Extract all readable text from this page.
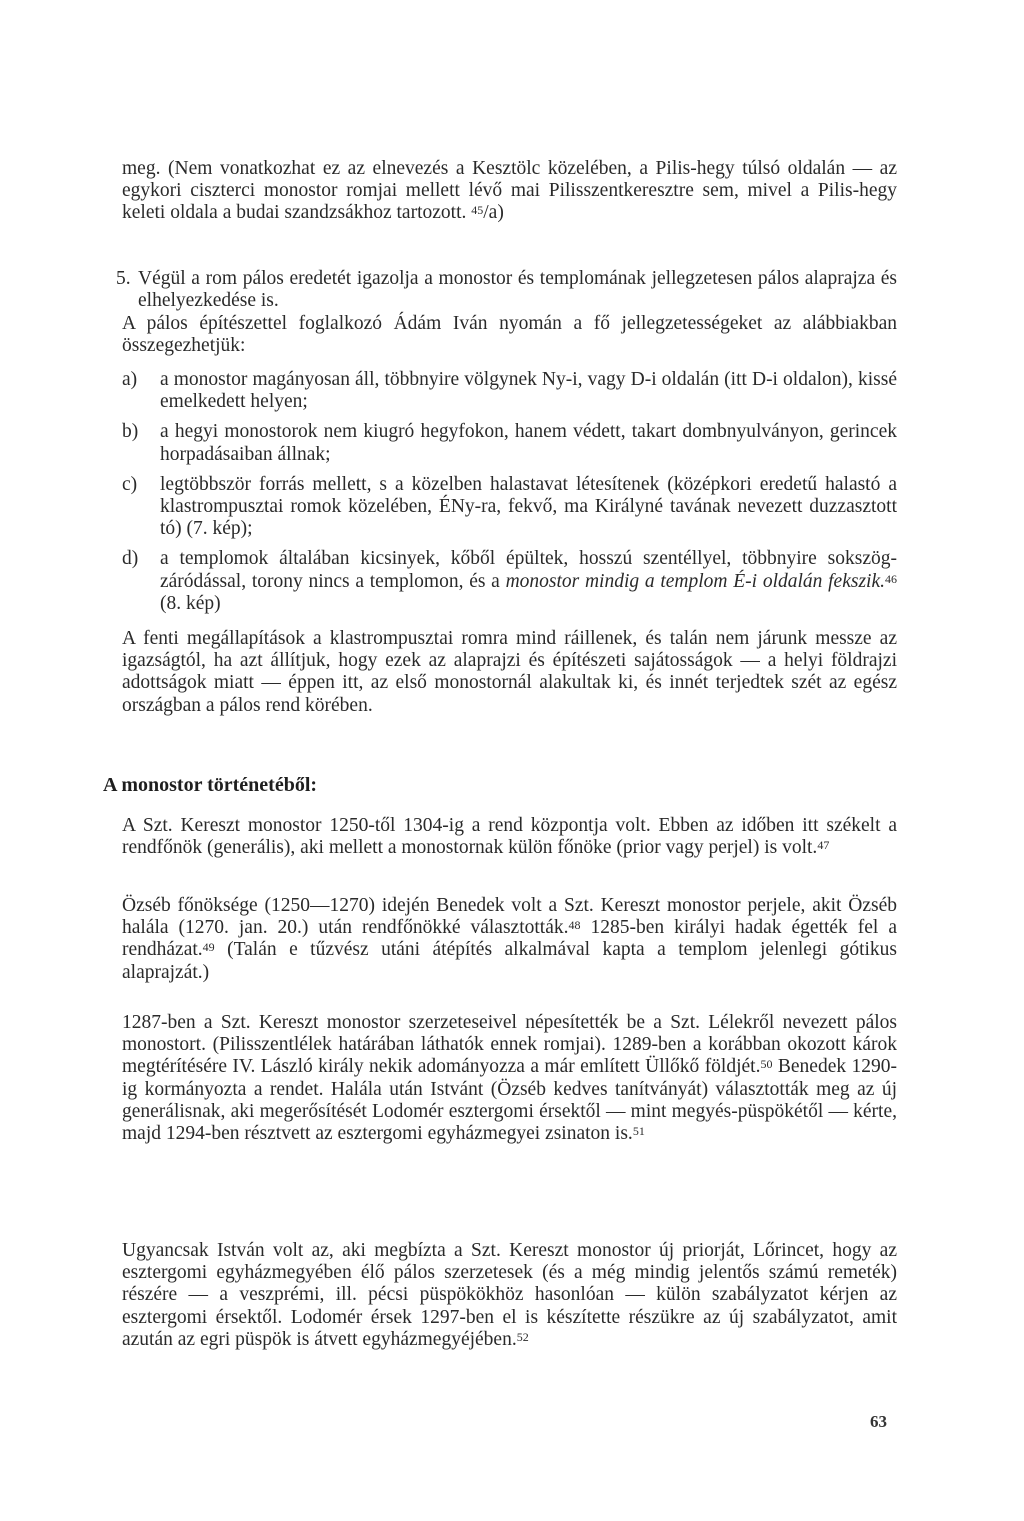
meg. (Nem vonatkozhat ez az elnevezés a Kesztölc közelében, a Pilis-hegy túlsó oldalán — az egykori ciszterci monostor romjai mellett lévő mai Pilisszentkeresztre sem, mivel a Pilis-hegy keleti oldala a budai szandzsákhoz tartozott. $^{45}$/a)

5. Végül a rom pálos eredetét igazolja a monostor és templomának jellegzetesen pálos alaprajza és elhelyezkedése is.

A pálos építészettel foglalkozó Ádám Iván nyomán a fő jellegzetességeket az alábbiakban összegezhetjük:

a)	a monostor magányosan áll, többnyire völgynek Ny-i, vagy D-i oldalán (itt D-i oldalon), kissé emelkedett helyen;
b)	a hegyi monostorok nem kiugró hegyfokon, hanem védett, takart dombnyulványon, gerincek horpadásaiban állnak;
c)	legtöbbször forrás mellett, s a közelben halastavat létesítenek (középkori eredetű halastó a klastrompusztai romok közelében, ÉNy-ra, fekvő, ma Királyné tavának nevezett duzzasztott tó) (7. kép);
d)	a templomok általában kicsinyek, kőből épültek, hosszú szentéllyel, többnyire sokszög-záródással, torony nincs a templomon, és a monostor mindig a templom É-i oldalán fekszik.$^{46}$ (8. kép)

A fenti megállapítások a klastrompusztai romra mind ráillenek, és talán nem járunk messze az igazságtól, ha azt állítjuk, hogy ezek az alaprajzi és építészeti sajátosságok — a helyi földrajzi adottságok miatt — éppen itt, az első monostornál alakultak ki, és innét terjedtek szét az egész országban a pálos rend körében.

A monostor történetéből:

A Szt. Kereszt monostor 1250-től 1304-ig a rend központja volt. Ebben az időben itt székelt a rendfőnök (generális), aki mellett a monostornak külön főnöke (prior vagy perjel) is volt.$^{47}$

Özséb főnöksége (1250—1270) idején Benedek volt a Szt. Kereszt monostor perjele, akit Özséb halála (1270. jan. 20.) után rendfőnökké választották.$^{48}$ 1285-ben királyi hadak égették fel a rendházat.$^{49}$ (Talán e tűzvész utáni átépítés alkalmával kapta a templom jelenlegi gótikus alaprajzát.)

1287-ben a Szt. Kereszt monostor szerzeteseivel népesítették be a Szt. Lélekről nevezett pálos monostort. (Pilisszentlélek határában láthatók ennek romjai). 1289-ben a korábban okozott károk megtérítésére IV. László király nekik adományozza a már említett Üllőkő földjét.$^{50}$ Benedek 1290-ig kormányozta a rendet. Halála után Istvánt (Özséb kedves tanítványát) választották meg az új generálisnak, aki megerősítését Lodomér esztergomi érsektől — mint megyés-püspökétől — kérte, majd 1294-ben résztvett az esztergomi egyházmegyei zsinaton is.$^{51}$

Ugyancsak István volt az, aki megbízta a Szt. Kereszt monostor új priorját, Lőrincet, hogy az esztergomi egyházmegyében élő pálos szerzetesek (és a még mindig jelentős számú remeték) részére — a veszprémi, ill. pécsi püspökökhöz hasonlóan — külön szabályzatot kérjen az esztergomi érsektől. Lodomér érsek 1297-ben el is készítette részükre az új szabályzatot, amit azután az egri püspök is átvett egyházmegyéjében.$^{52}$

63
